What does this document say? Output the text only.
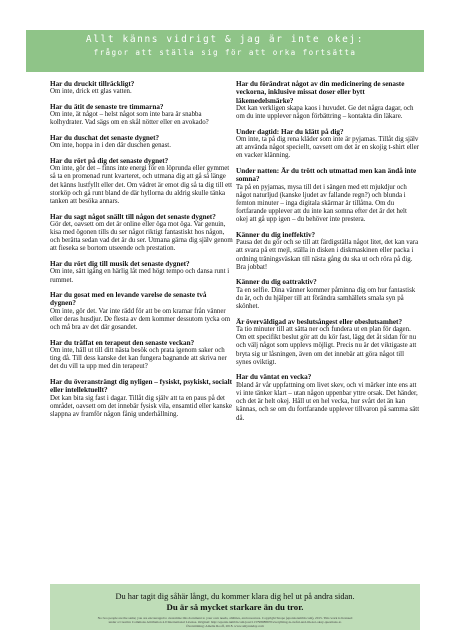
Allt känns vidrigt & jag är inte okej:
frågor att ställa sig för att orka fortsätta
Har du druckit tillräckligt?

Om inte, drick ett glas vatten.

Har du ätit de senaste tre timmarna?

Om inte, ät något – helst något som inte bara är snabba kolhydrater. Vad sägs om en skål nötter eller en avokado?

Har du duschat det senaste dygnet?

Om inte, hoppa in i den där duschen genast.

Har du rört på dig det senaste dygnet?

Om inte, gör det – finns inte energi för en löprunda eller gymmet så ta en promenad runt kvarteret, och utmana dig att gå så länge det känns lustfyllt eller det. Om vädret är emot dig så ta dig till ett storköp och gå runt bland de där hyllorna du aldrig skulle tänka tanken att besöka annars.

Har du sagt något snällt till någon det senaste dygnet?

Gör det, oavsett om det är online eller öga mot öga. Var genuin, kisa med ögonen tills du ser något riktigt fantastiskt hos någon, och berätta sedan vad det är du ser. Utmana gärna dig själv genom att fieseka se bortom utseende och prestation.

Har du rört dig till musik det senaste dygnet?

Om inte, sätt igång en härlig låt med högt tempo och dansa runt i rummet.

Har du gosat med en levande varelse de senaste två dygnen?

Om inte, gör det. Var inte rädd för att be om kramar från vänner eller deras husdjur. De flesta av dem kommer dessutom tycka om och må bra av det där gosandet.

Har du träffat en terapeut den senaste veckan?

Om inte, häll ut till ditt nästa besök och prata igenom saker och ting då. Till dess kanske det kan fungera bagnande att skriva ner det du vill ta upp med din terapeut?

Har du överansträngt dig nyligen – fysiskt, psykiskt, socialt eller intellektuellt?

Det kan bita sig fast i dagar. Tillåt dig själv att ta en paus på det området, oavsett om det innebär fysisk vila, ensamtid eller kanske slappna av framför någon fånig underhållning.

Har du förändrat något av din medicinering de senaste veckorna, inklusive missat doser eller bytt läkemedelsmärke?

Det kan verkligen skapa kaos i huvudet. Ge det några dagar, och om du inte upplever någon förbättring – kontakta din läkare.

Under dagtid: Har du klätt på dig?

Om inte, ta på dig rena kläder som inte är pyjamas. Tillåt dig själv att använda något speciellt, oavsett om det är en skojig t-shirt eller en vacker klänning.

Under natten: Är du trött och utmattad men kan ändå inte somna?

Ta på en pyjamas, mysa till det i sängen med ett mjukdjur och något naturljud (kanske ljudet av fallande regn?) och blunda i femton minuter – inga digitala skärmar är tillåtna. Om du fortfarande upplever att du inte kan somna efter det är det helt okej att gå upp igen – du behöver inte prestera.

Känner du dig ineffektiv?

Pausa det du gör och se till att färdigställa något litet, det kan vara att svara på ett mejl, ställa in disken i diskmaskinen eller packa i ordning träningsväskan till nästa gång du ska ut och röra på dig. Bra jobbat!

Känner du dig oattraktiv?

Ta en selfie. Dina vänner kommer påminna dig om hur fantastisk du är, och du hjälper till att förändra samhällets smala syn på skönhet.

Är överväldigad av beslutsångest eller obeslutsamhet?

Ta tio minuter till att sätta ner och fundera ut en plan för dagen. Om ett specifikt beslut gör att du kör fast, lägg det åt sidan för nu och välj något som upplevs möjligt. Precis nu är det viktigaste att bryta sig ur låsningen, även om det innebär att göra något till synes oviktigt.

Har du väntat en vecka?

Ibland är vår uppfattning om livet skev, och vi märker inte ens att vi inte tänker klart – utan någon uppenbar yttre orsak. Det händer, och det är helt okej. Håll ut en hel vecka, hur svårt det än kan kännas, och se om du fortfarande upplever tillvaron på samma sätt då.

Du har tagit dig såhär långt, du kommer klara dig hel ut på andra sidan.
Du är så mycket starkare än du tror.
No two people are the same; you are encouraged to customize this document to your own needs, abilities, and resources. Copyright Snope (eponis.tumblr.com), 2015. This work is licensed
under a Creative Commons Attribution 4.0 International License. Original: http://eponis.tumblr.com/post/113798088670/everything-is-awful-and-im-not-okay-questions-to
Översättning: Amelie Rooff, 2018. www.amyrunday.com
